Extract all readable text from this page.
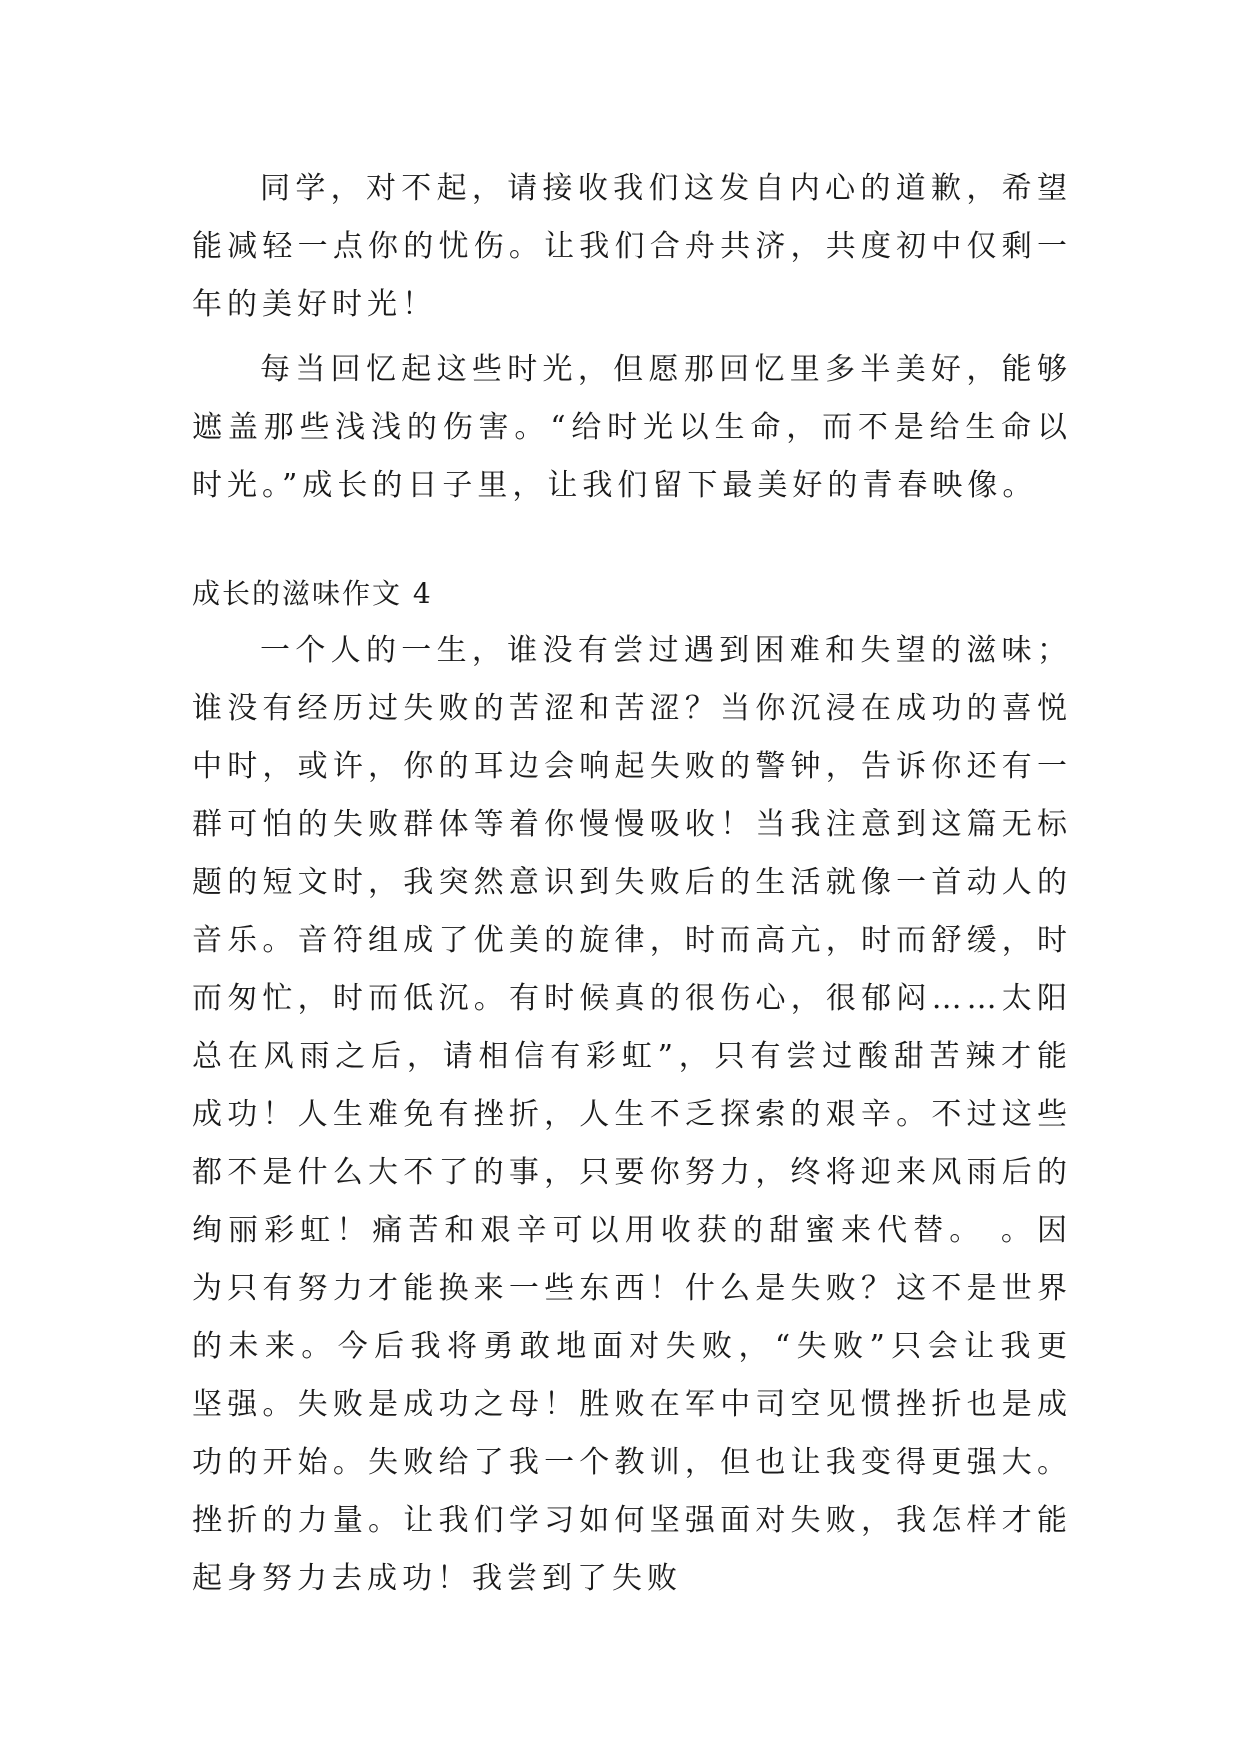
同学，对不起，请接收我们这发自内心的道歉，希望能减轻一点你的忧伤。让我们合舟共济，共度初中仅剩一年的美好时光！

每当回忆起这些时光，但愿那回忆里多半美好，能够遮盖那些浅浅的伤害。“给时光以生命，而不是给生命以时光。”成长的日子里，让我们留下最美好的青春映像。

成长的滋味作文 4

一个人的一生，谁没有尝过遇到困难和失望的滋味；谁没有经历过失败的苦涩和苦涩？当你沉浸在成功的喜悦中时，或许，你的耳边会响起失败的警钟，告诉你还有一群可怕的失败群体等着你慢慢吸收！当我注意到这篇无标题的短文时，我突然意识到失败后的生活就像一首动人的音乐。音符组成了优美的旋律，时而高亢，时而舒缓，时而匆忙，时而低沉。有时候真的很伤心，很郁闷……太阳总在风雨之后，请相信有彩虹”，只有尝过酸甜苦辣才能成功！人生难免有挫折，人生不乏探索的艰辛。不过这些都不是什么大不了的事，只要你努力，终将迎来风雨后的绚丽彩虹！痛苦和艰辛可以用收获的甜蜜来代替。 。因为只有努力才能换来一些东西！什么是失败？这不是世界的未来。今后我将勇敢地面对失败，“失败”只会让我更坚强。失败是成功之母！胜败在军中司空见惯挫折也是成功的开始。失败给了我一个教训，但也让我变得更强大。挫折的力量。让我们学习如何坚强面对失败，我怎样才能起身努力去成功！我尝到了失败
